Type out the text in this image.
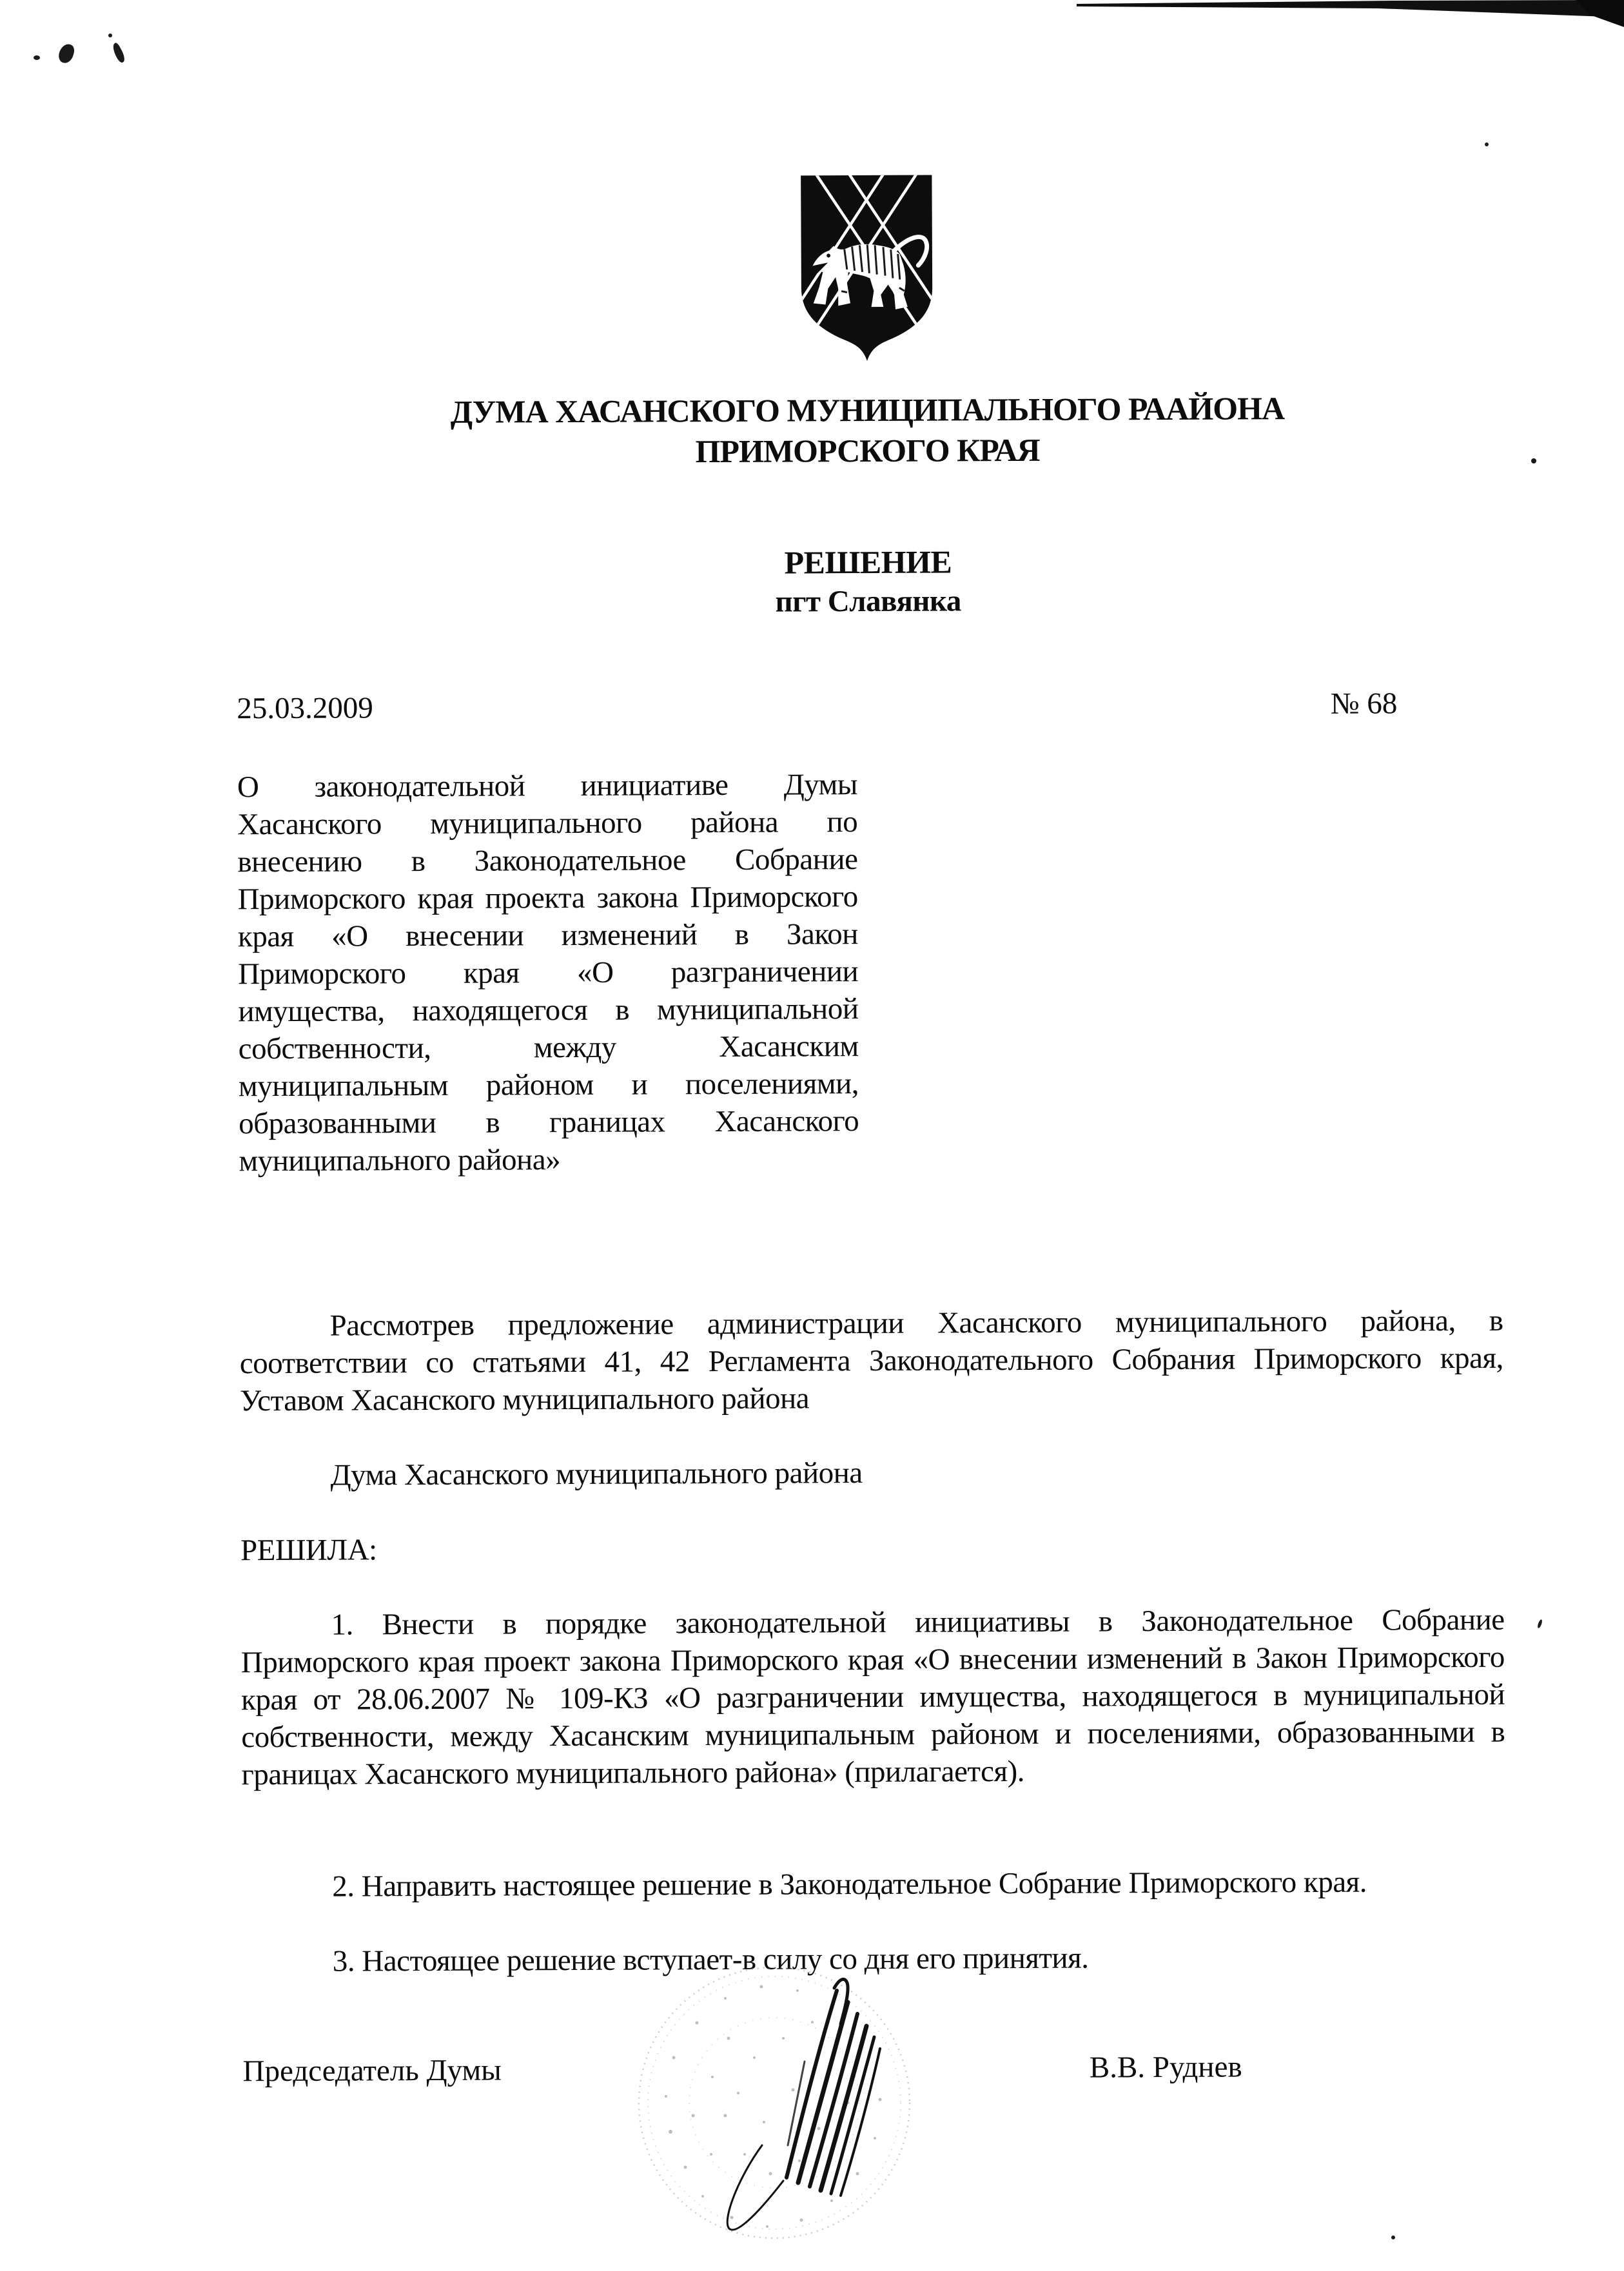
ДУМА ХАСАНСКОГО МУНИЦИПАЛЬНОГО РААЙОНА
ПРИМОРСКОГО КРАЯ
РЕШЕНИЕ
пгт Славянка
25.03.2009	№ 68
О законодательной инициативе Думы Хасанского муниципального района по внесению в Законодательное Собрание Приморского края проекта закона Приморского края «О внесении изменений в Закон Приморского края «О разграничении имущества, находящегося в муниципальной собственности, между Хасанским муниципальным районом и поселениями, образованными в границах Хасанского муниципального района»
Рассмотрев предложение администрации Хасанского муниципального района, в соответствии со статьями 41, 42 Регламента Законодательного Собрания Приморского края, Уставом Хасанского муниципального района
Дума Хасанского муниципального района
РЕШИЛА:
1. Внести в порядке законодательной инициативы в Законодательное Собрание Приморского края проект закона Приморского края «О внесении изменений в Закон Приморского края от 28.06.2007 № 109-КЗ «О разграничении имущества, находящегося в муниципальной собственности, между Хасанским муниципальным районом и поселениями, образованными в границах Хасанского муниципального района» (прилагается).
2. Направить настоящее решение в Законодательное Собрание Приморского края.
3. Настоящее решение вступает-в силу со дня его принятия.
Председатель Думы	В.В. Руднев
